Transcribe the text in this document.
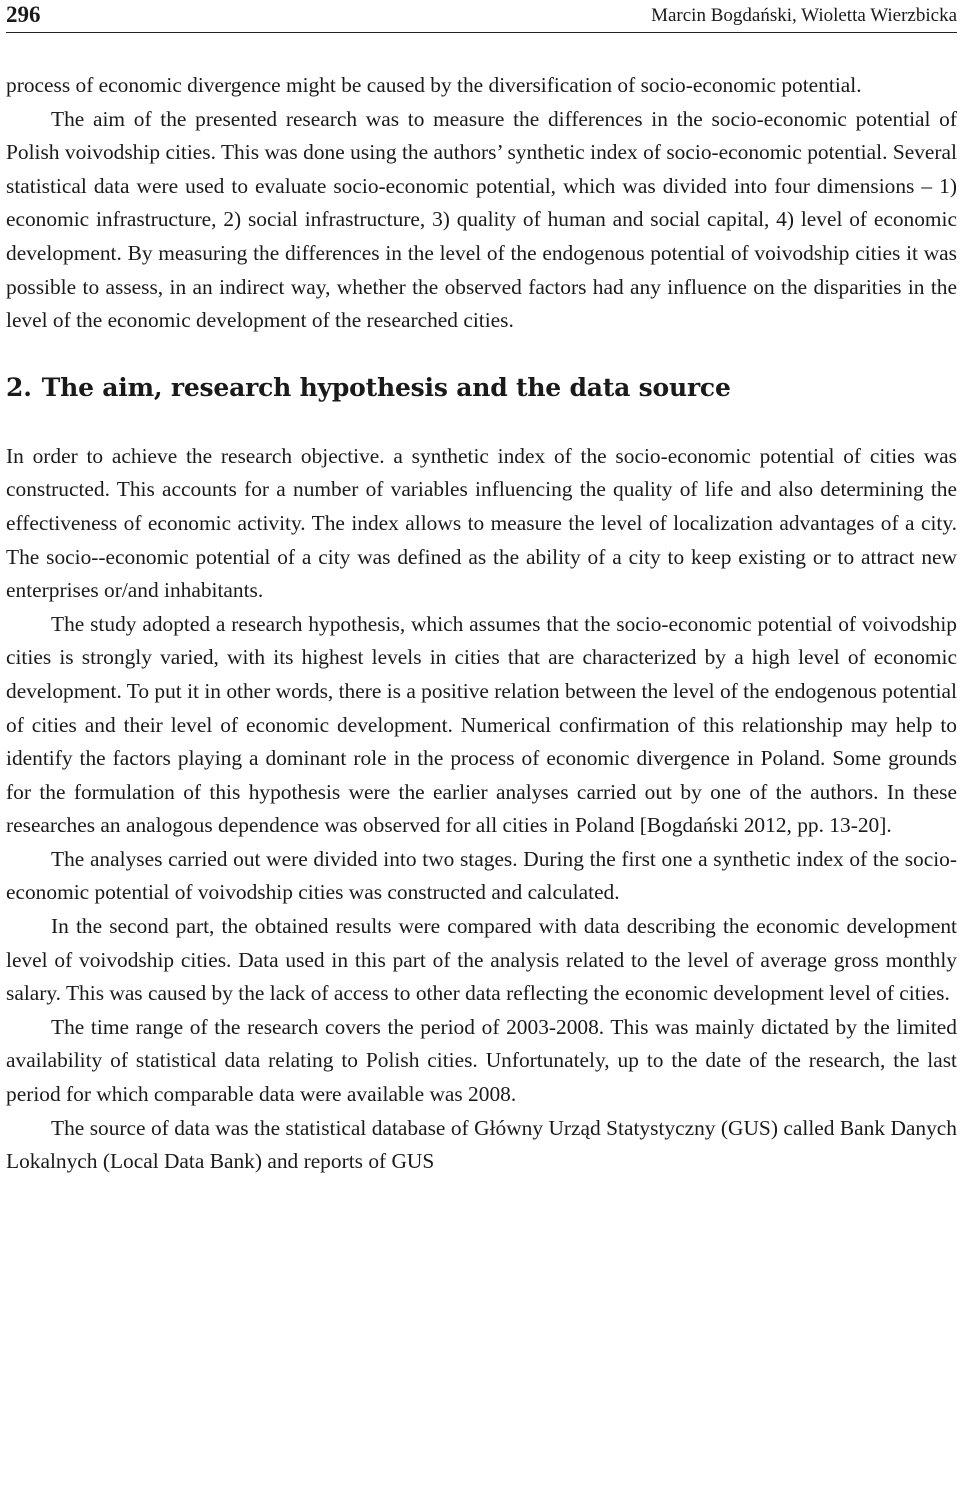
296	Marcin Bogdański, Wioletta Wierzbicka

process of economic divergence might be caused by the diversification of socio-economic potential.

The aim of the presented research was to measure the differences in the socio-economic potential of Polish voivodship cities. This was done using the authors’ synthetic index of socio-economic potential. Several statistical data were used to evaluate socio-economic potential, which was divided into four dimensions – 1) economic infrastructure, 2) social infrastructure, 3) quality of human and social capital, 4) level of economic development. By measuring the differences in the level of the endogenous potential of voivodship cities it was possible to assess, in an indirect way, whether the observed factors had any influence on the disparities in the level of the economic development of the researched cities.

2. The aim, research hypothesis and the data source

In order to achieve the research objective. a synthetic index of the socio-economic potential of cities was constructed. This accounts for a number of variables influencing the quality of life and also determining the effectiveness of economic activity. The index allows to measure the level of localization advantages of a city. The socio--economic potential of a city was defined as the ability of a city to keep existing or to attract new enterprises or/and inhabitants.

The study adopted a research hypothesis, which assumes that the socio-economic potential of voivodship cities is strongly varied, with its highest levels in cities that are characterized by a high level of economic development. To put it in other words, there is a positive relation between the level of the endogenous potential of cities and their level of economic development. Numerical confirmation of this relationship may help to identify the factors playing a dominant role in the process of economic divergence in Poland. Some grounds for the formulation of this hypothesis were the earlier analyses carried out by one of the authors. In these researches an analogous dependence was observed for all cities in Poland [Bogdański 2012, pp. 13-20].

The analyses carried out were divided into two stages. During the first one a synthetic index of the socio-economic potential of voivodship cities was constructed and calculated.

In the second part, the obtained results were compared with data describing the economic development level of voivodship cities. Data used in this part of the analysis related to the level of average gross monthly salary. This was caused by the lack of access to other data reflecting the economic development level of cities.

The time range of the research covers the period of 2003-2008. This was mainly dictated by the limited availability of statistical data relating to Polish cities. Unfortunately, up to the date of the research, the last period for which comparable data were available was 2008.

The source of data was the statistical database of Główny Urząd Statystyczny (GUS) called Bank Danych Lokalnych (Local Data Bank) and reports of GUS
